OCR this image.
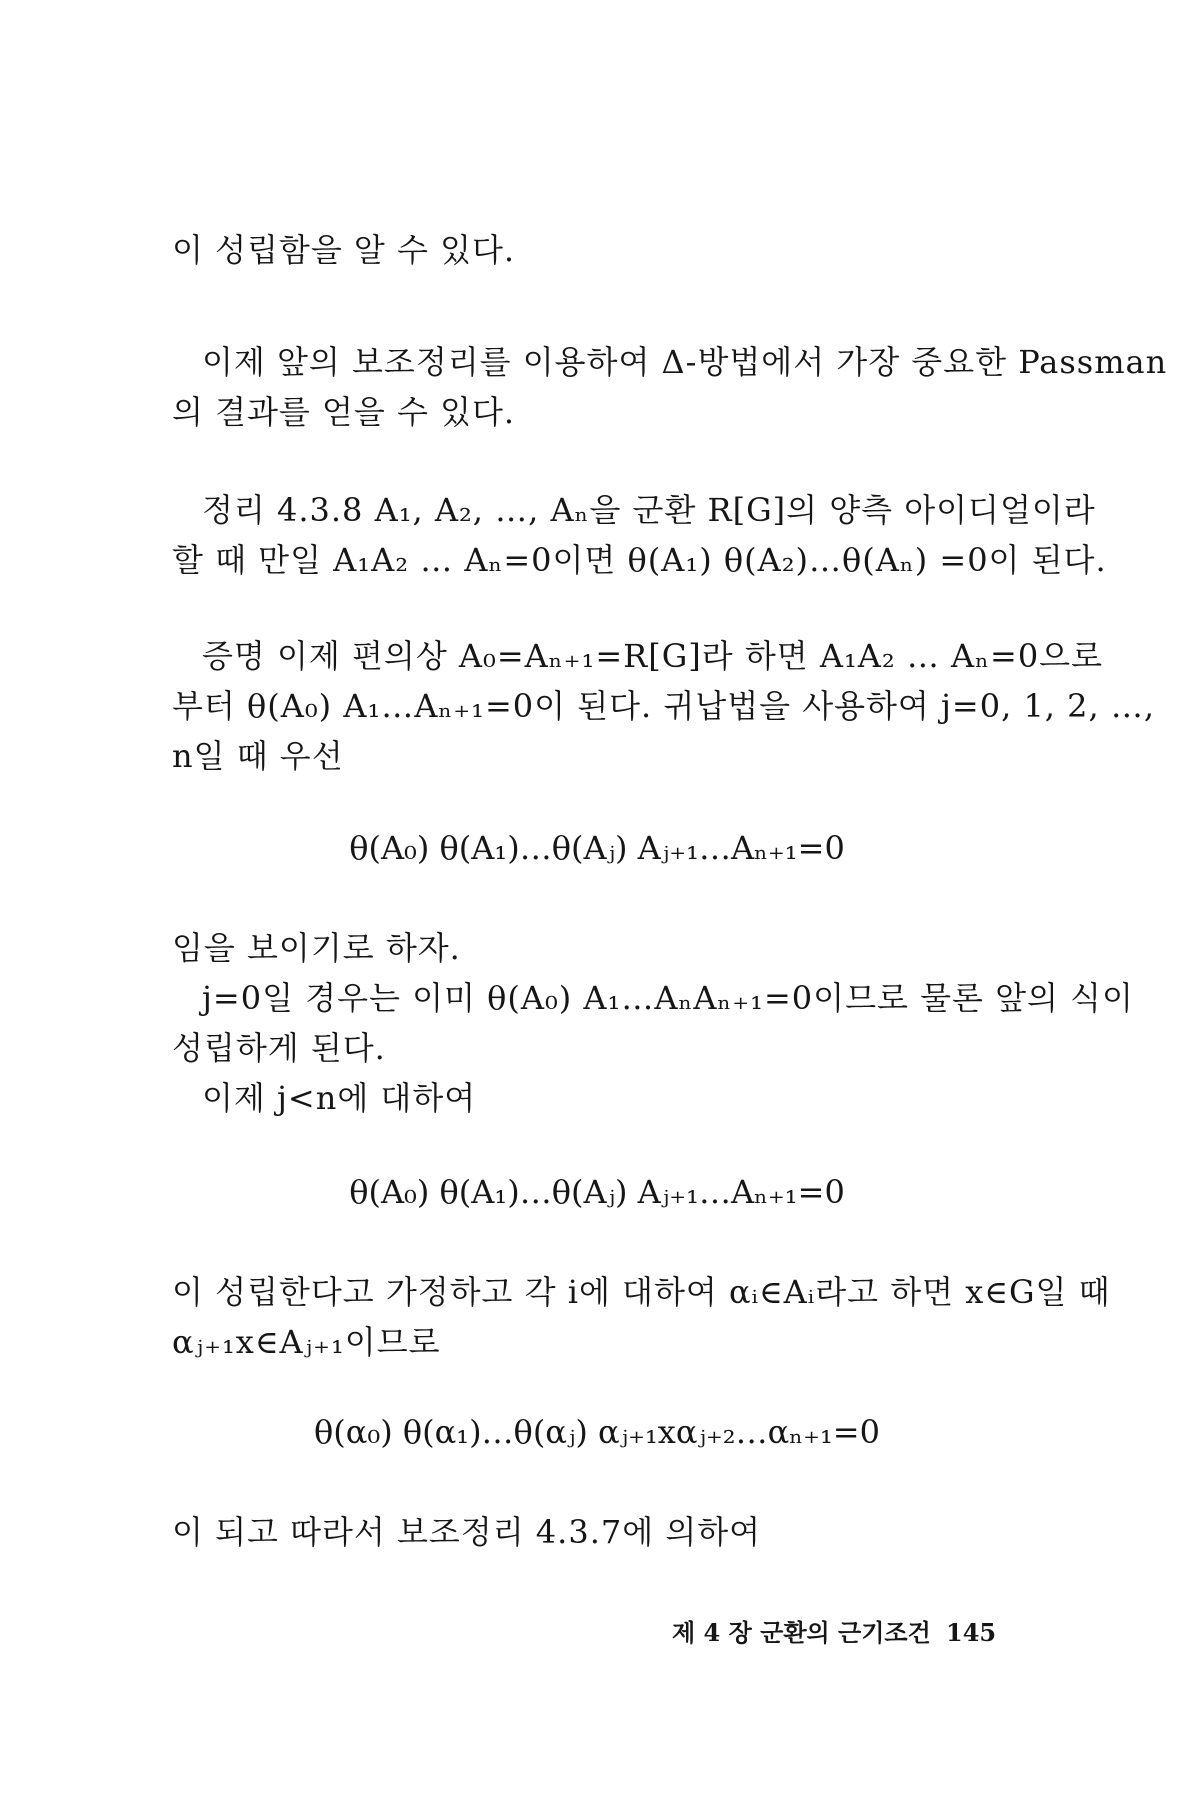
이 성립함을 알 수 있다.
이제 앞의 보조정리를 이용하여 Δ-방법에서 가장 중요한 Passman
의 결과를 얻을 수 있다.
정리 4.3.8 A₁, A₂, …, Aₙ을 군환 R[G]의 양측 아이디얼이라
할 때 만일 A₁A₂ … Aₙ=0이면 θ(A₁) θ(A₂)…θ(Aₙ) =0이 된다.
증명 이제 편의상 A₀=Aₙ₊₁=R[G]라 하면 A₁A₂ … Aₙ=0으로
부터 θ(A₀) A₁…Aₙ₊₁=0이 된다. 귀납법을 사용하여 j=0, 1, 2, …,
n일 때 우선
θ(A₀) θ(A₁)…θ(Aⱼ) Aⱼ₊₁…Aₙ₊₁=0
임을 보이기로 하자.
j=0일 경우는 이미 θ(A₀) A₁…AₙAₙ₊₁=0이므로 물론 앞의 식이
성립하게 된다.
이제 j<n에 대하여
θ(A₀) θ(A₁)…θ(Aⱼ) Aⱼ₊₁…Aₙ₊₁=0
이 성립한다고 가정하고 각 i에 대하여 αᵢ∈Aᵢ라고 하면 x∈G일 때
αⱼ₊₁x∈Aⱼ₊₁이므로
θ(α₀) θ(α₁)…θ(αⱼ) αⱼ₊₁xαⱼ₊₂…αₙ₊₁=0
이 되고 따라서 보조정리 4.3.7에 의하여
제 4 장 군환의 근기조건 145
